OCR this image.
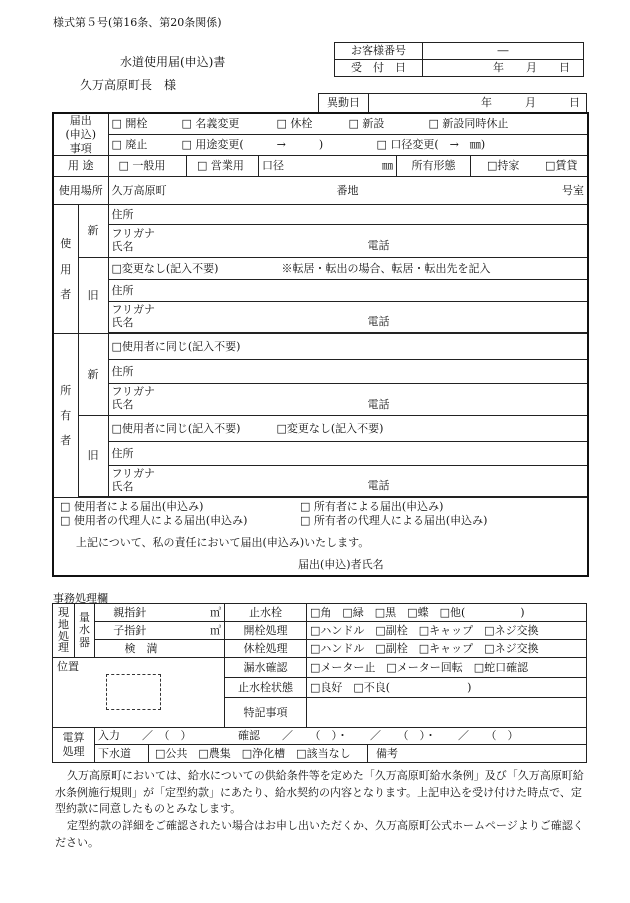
様式第５号(第16条、第20条関係)
水道使用届(申込)書
久万高原町長　様
お客様番号	―
受　付　日	年　　月　　日
異動日	年　　　月　　　日
届出
(申込)
事項	□ 開栓	□ 名義変更	□ 休栓	□ 新設	□ 新設同時休止
□ 廃止	□ 用途変更(　　　→　　　)	□ 口径変更(　→　㎜)
用 途	□ 一般用	□ 営業用	口径	㎜	所有形態	□持家 □賃貸

使用場所	久万高原町	番地	号室

使
用
者	新	住所

フリガナ
氏名	電話

旧	□変更なし(記入不要)	※転居・転出の場合、転居・転出先を記入
住所

フリガナ
氏名	電話

所
有
者	新	□使用者に同じ(記入不要)
住所

フリガナ
氏名	電話

旧	□使用者に同じ(記入不要)	□変更なし(記入不要)
住所

フリガナ
氏名	電話

□ 使用者による届出(申込み)
□ 使用者の代理人による届出(申込み)
□ 所有者による届出(申込み)
□ 所有者の代理人による届出(申込み)
上記について、私の責任において届出(申込み)いたします。
届出(申込)者氏名
事務処理欄
現
地
処
理	量
水
器	親指針	㎥	止水栓	□角　□緑　□黒　□蝶　□他(　　　　　)
		子指針	㎥	開栓処理	□ハンドル　□副栓　□キャップ　□ネジ交換
		検　満		休栓処理	□ハンドル　□副栓　□キャップ　□ネジ交換

位置				漏水確認	□メーター止　□メーター回転　□蛇口確認
				止水栓状態	□良好　□不良(　　　　　　　)
				特記事項	
電算
処理		入力　　／　（　） 確認　　／　　（　）・　　／　　（　）・　　／　　（　）			

		下水道 □公共　□農集　□浄化槽　□該当なし 備考			
久万高原町においては、給水についての供給条件等を定めた「久万高原町給水条例」及び「久万高原町給水条例施行規則」が「定型約款」にあたり、給水契約の内容となります。上記申込を受け付けた時点で、定型約款に同意したものとみなします。
定型約款の詳細をご確認されたい場合はお申し出いただくか、久万高原町公式ホームページよりご確認ください。
